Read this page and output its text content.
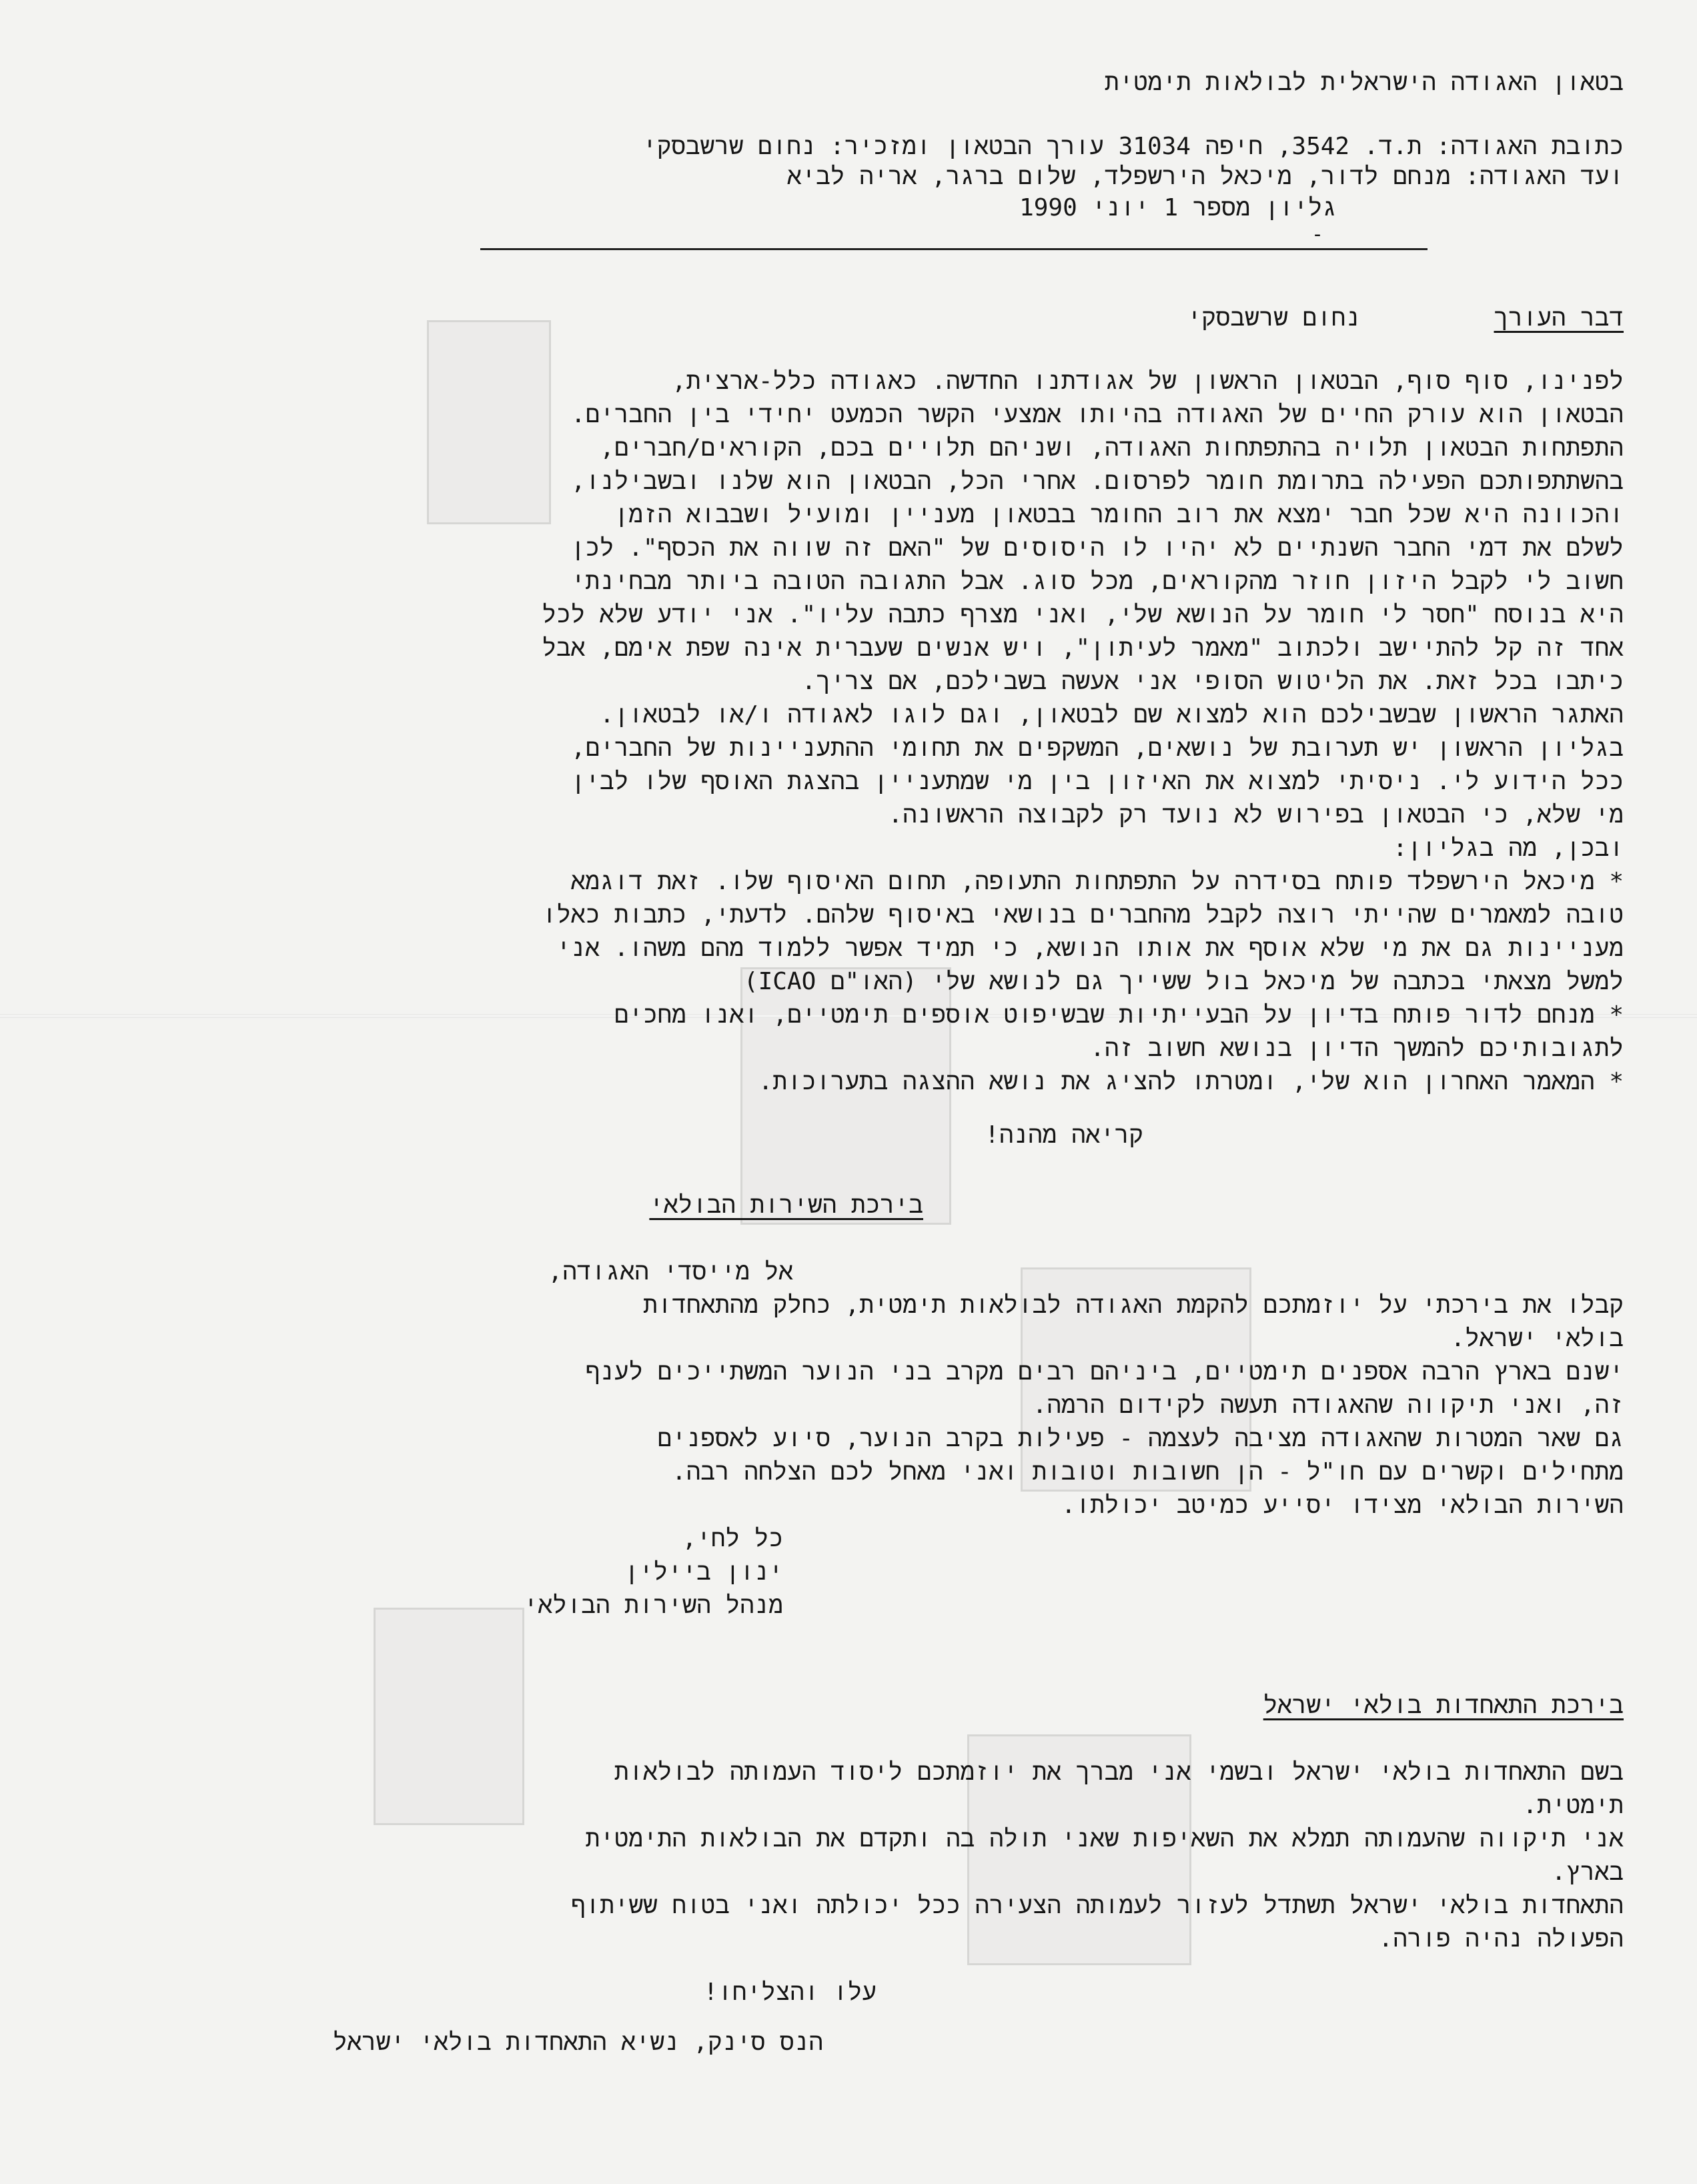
בטאון האגודה הישראלית לבולאות תימטית
כתובת האגודה: ת.ד. 3542, חיפה 31034 עורך הבטאון ומזכיר: נחום שרשבסקי
ועד האגודה: מנחם לדור, מיכאל הירשפלד, שלום ברגר, אריה לביא
גליון מספר 1 יוני 1990
-
נחום שרשבסקי	דבר העורך
לפנינו, סוף סוף, הבטאון הראשון של אגודתנו החדשה. כאגודה כלל-ארצית,
הבטאון הוא עורק החיים של האגודה בהיותו אמצעי הקשר הכמעט יחידי בין החברים.
התפתחות הבטאון תלויה בהתפתחות האגודה, ושניהם תלויים בכם, הקוראים/חברים,
בהשתתפותכם הפעילה בתרומת חומר לפרסום. אחרי הכל, הבטאון הוא שלנו ובשבילנו,
והכוונה היא שכל חבר ימצא את רוב החומר בבטאון מעניין ומועיל ושבבוא הזמן
לשלם את דמי החבר השנתיים לא יהיו לו היסוסים של "האם זה שווה את הכסף". לכן
חשוב לי לקבל היזון חוזר מהקוראים, מכל סוג. אבל התגובה הטובה ביותר מבחינתי
היא בנוסח "חסר לי חומר על הנושא שלי, ואני מצרף כתבה עליו". אני יודע שלא לכל
אחד זה קל להתיישב ולכתוב "מאמר לעיתון", ויש אנשים שעברית אינה שפת אימם, אבל
כיתבו בכל זאת. את הליטוש הסופי אני אעשה בשבילכם, אם צריך.
האתגר הראשון שבשבילכם הוא למצוא שם לבטאון, וגם לוגו לאגודה ו/או לבטאון.
בגליון הראשון יש תערובת של נושאים, המשקפים את תחומי ההתעניינות של החברים,
ככל הידוע לי. ניסיתי למצוא את האיזון בין מי שמתעניין בהצגת האוסף שלו לבין
מי שלא, כי הבטאון בפירוש לא נועד רק לקבוצה הראשונה.
ובכן, מה בגליון:
* מיכאל הירשפלד פותח בסידרה על התפתחות התעופה, תחום האיסוף שלו. זאת דוגמא
טובה למאמרים שהייתי רוצה לקבל מהחברים בנושאי באיסוף שלהם. לדעתי, כתבות כאלו
מעניינות גם את מי שלא אוסף את אותו הנושא, כי תמיד אפשר ללמוד מהם משהו. אני
למשל מצאתי בכתבה של מיכאל בול ששייך גם לנושא שלי (האו"ם ICAO)
* מנחם לדור פותח בדיון על הבעייתיות שבשיפוט אוספים תימטיים, ואנו מחכים
לתגובותיכם להמשך הדיון בנושא חשוב זה.
* המאמר האחרון הוא שלי, ומטרתו להציג את נושא ההצגה בתערוכות.
קריאה מהנה!
בירכת השירות הבולאי
אל מייסדי האגודה,
קבלו את בירכתי על יוזמתכם להקמת האגודה לבולאות תימטית, כחלק מהתאחדות
בולאי ישראל.
ישנם בארץ הרבה אספנים תימטיים, ביניהם רבים מקרב בני הנוער המשתייכים לענף
זה, ואני תיקווה שהאגודה תעשה לקידום הרמה.
גם שאר המטרות שהאגודה מציבה לעצמה - פעילות בקרב הנוער, סיוע לאספנים
מתחילים וקשרים עם חו"ל - הן חשובות וטובות ואני מאחל לכם הצלחה רבה.
השירות הבולאי מצידו יסייע כמיטב יכולתו.
כל לחי,
ינון ביילין
מנהל השירות הבולאי
בירכת התאחדות בולאי ישראל
בשם התאחדות בולאי ישראל ובשמי אני מברך את יוזמתכם ליסוד העמותה לבולאות
תימטית.
אני תיקווה שהעמותה תמלא את השאיפות שאני תולה בה ותקדם את הבולאות התימטית
בארץ.
התאחדות בולאי ישראל תשתדל לעזור לעמותה הצעירה ככל יכולתה ואני בטוח ששיתוף
הפעולה נהיה פורה.
עלו והצליחו!
הנס סינק, נשיא התאחדות בולאי ישראל
